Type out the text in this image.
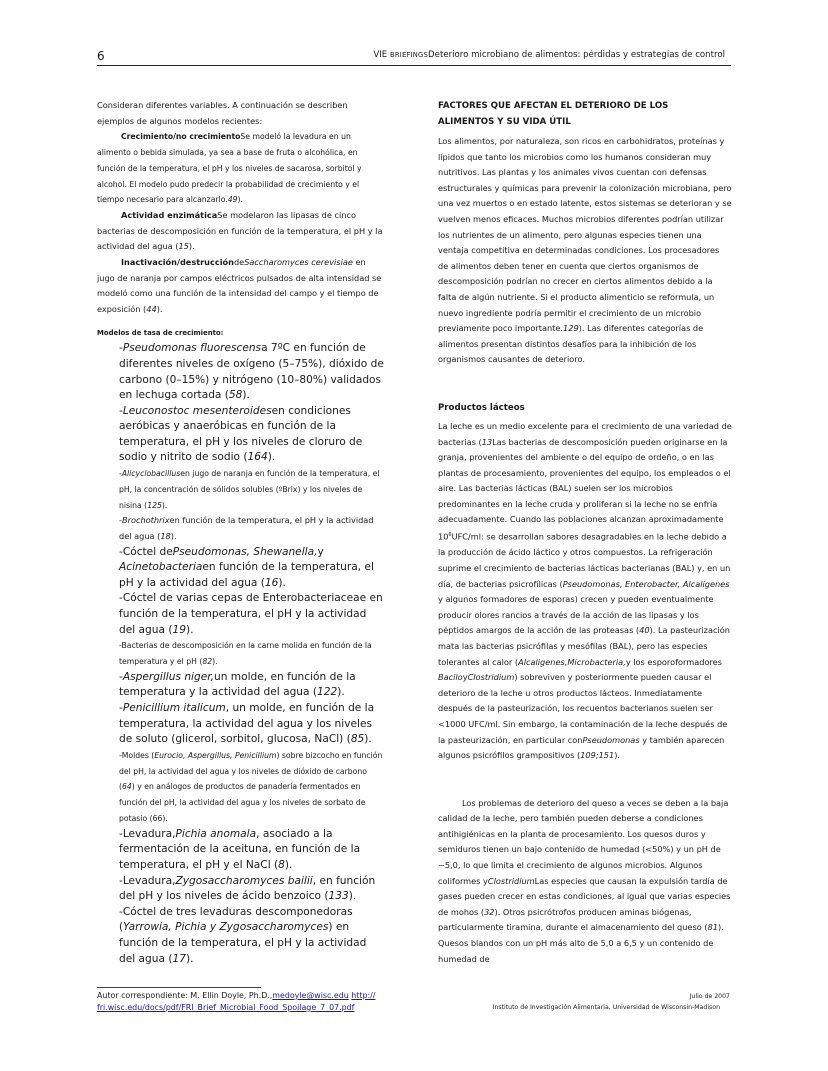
6	VIE BRIEFINGSDeterioro microbiano de alimentos: pérdidas y estrategias de control

Consideran diferentes variables. A continuación se describen ejemplos de algunos modelos recientes:

Crecimiento/no crecimientoSe modeló la levadura en un alimento o bebida simulada, ya sea a base de fruta o alcohólica, en función de la temperatura, el pH y los niveles de sacarosa, sorbitol y alcohol. El modelo pudo predecir la probabilidad de crecimiento y el tiempo necesario para alcanzarlo.49).

Actividad enzimáticaSe modelaron las lipasas de cinco bacterias de descomposición en función de la temperatura, el pH y la actividad del agua (15).

Inactivación/destruccióndeSaccharomyces cerevisiae en jugo de naranja por campos eléctricos pulsados de alta intensidad se modeló como una función de la intensidad del campo y el tiempo de exposición (44).

Modelos de tasa de crecimiento:

-Pseudomonas fluorescensa 7ºC en función de diferentes niveles de oxígeno (5–75%), dióxido de carbono (0–15%) y nitrógeno (10–80%) validados en lechuga cortada (58).

-Leuconostoc mesenteroidesen condiciones aeróbicas y anaeróbicas en función de la temperatura, el pH y los niveles de cloruro de sodio y nitrito de sodio (164).

-Alicyclobacillusen jugo de naranja en función de la temperatura, el pH, la concentración de sólidos solubles (ºBrix) y los niveles de nisina (125).

-Brochothrixen función de la temperatura, el pH y la actividad del agua (18).

-Cóctel dePseudomonas, Shewanella,y Acinetobacteriaen función de la temperatura, el pH y la actividad del agua (16).

-Cóctel de varias cepas de Enterobacteriaceae en función de la temperatura, el pH y la actividad del agua (19).

-Bacterias de descomposición en la carne molida en función de la temperatura y el pH (82).

-Aspergillus niger,un molde, en función de la temperatura y la actividad del agua (122).

-Penicillium italicum, un molde, en función de la temperatura, la actividad del agua y los niveles de soluto (glicerol, sorbitol, glucosa, NaCl) (85).

-Moldes (Eurocio, Aspergillus, Penicillium) sobre bizcocho en función del pH, la actividad del agua y los niveles de dióxido de carbono (64) y en análogos de productos de panadería fermentados en función del pH, la actividad del agua y los niveles de sorbato de potasio (66).

-Levadura,Pichia anomala, asociado a la fermentación de la aceituna, en función de la temperatura, el pH y el NaCl (8).

-Levadura,Zygosaccharomyces bailii, en función del pH y los niveles de ácido benzoico (133).

-Cóctel de tres levaduras descomponedoras (Yarrowia, Pichia y Zygosaccharomyces) en función de la temperatura, el pH y la actividad del agua (17).

FACTORES QUE AFECTAN EL DETERIORO DE LOS ALIMENTOS Y SU VIDA ÚTIL

Los alimentos, por naturaleza, son ricos en carbohidratos, proteínas y lípidos que tanto los microbios como los humanos consideran muy nutritivos. Las plantas y los animales vivos cuentan con defensas estructurales y químicas para prevenir la colonización microbiana, pero una vez muertos o en estado latente, estos sistemas se deterioran y se vuelven menos eficaces. Muchos microbios diferentes podrían utilizar los nutrientes de un alimento, pero algunas especies tienen una ventaja competitiva en determinadas condiciones. Los procesadores de alimentos deben tener en cuenta que ciertos organismos de descomposición podrían no crecer en ciertos alimentos debido a la falta de algún nutriente. Si el producto alimenticio se reformula, un nuevo ingrediente podría permitir el crecimiento de un microbio previamente poco importante.129). Las diferentes categorías de alimentos presentan distintos desafíos para la inhibición de los organismos causantes de deterioro.

Productos lácteos

La leche es un medio excelente para el crecimiento de una variedad de bacterias (13Las bacterias de descomposición pueden originarse en la granja, provenientes del ambiente o del equipo de ordeño, o en las plantas de procesamiento, provenientes del equipo, los empleados o el aire. Las bacterias lácticas (BAL) suelen ser los microbios predominantes en la leche cruda y proliferan si la leche no se enfría adecuadamente. Cuando las poblaciones alcanzan aproximadamente $10^6UFC/ml$: se desarrollan sabores desagradables en la leche debido a la producción de ácido láctico y otros compuestos. La refrigeración suprime el crecimiento de bacterias lácticas bacterianas (BAL) y, en un día, de bacterias psicrofílicas (Pseudomonas, Enterobacter, Alcaligenes y algunos formadores de esporas) crecen y pueden eventualmente producir olores rancios a través de la acción de las lipasas y los péptidos amargos de la acción de las proteasas (40). La pasteurización mata las bacterias psicrófilas y mesófilas (BAL), pero las especies tolerantes al calor (Alcaligenes,Microbacteria,y los esporoformadores BaciloyClostridium) sobreviven y posteriormente pueden causar el deterioro de la leche u otros productos lácteos. Inmediatamente después de la pasteurización, los recuentos bacterianos suelen ser <1000 UFC/ml. Sin embargo, la contaminación de la leche después de la pasteurización, en particular conPseudomonas y también aparecen algunos psicrófilos grampositivos (109;151).

Los problemas de deterioro del queso a veces se deben a la baja calidad de la leche, pero también pueden deberse a condiciones antihigiénicas en la planta de procesamiento. Los quesos duros y semiduros tienen un bajo contenido de humedad (<50%) y un pH de ~5,0, lo que limita el crecimiento de algunos microbios. Algunos coliformes yClostridiumLas especies que causan la expulsión tardía de gases pueden crecer en estas condiciones, al igual que varias especies de mohos (32). Otros psicrótrofos producen aminas biógenas, particularmente tiramina, durante el almacenamiento del queso (81). Quesos blandos con un pH más alto de 5,0 a 6,5 y un contenido de humedad de

Autor correspondiente: M. Ellin Doyle, Ph.D.,medoyle@wisc.edu http:// fri.wisc.edu/docs/pdf/FRI_Brief_Microbial_Food_Spoilage_7_07.pdf
Julio de 2007
Instituto de Investigación Alimentaria, Universidad de Wisconsin-Madison
